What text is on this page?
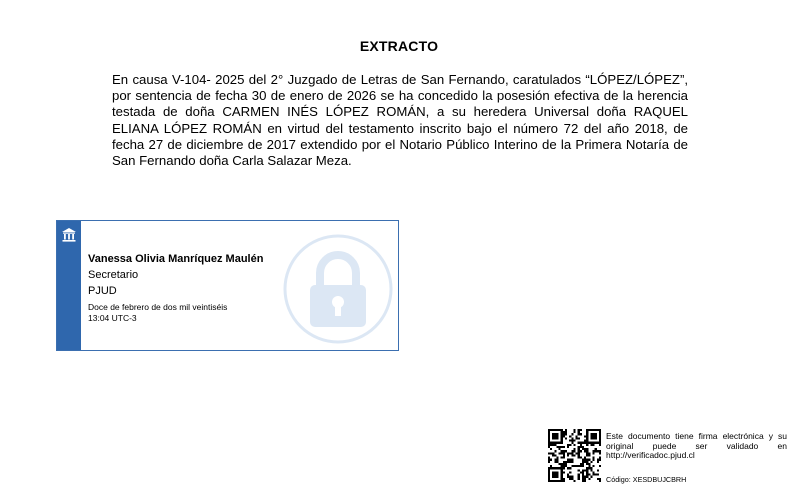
EXTRACTO
En causa V-104- 2025 del 2° Juzgado de Letras de San Fernando, caratulados “LÓPEZ/LÓPEZ”, por sentencia de fecha 30 de enero de 2026 se ha concedido la posesión efectiva de la herencia testada de doña CARMEN INÉS LÓPEZ ROMÁN, a su heredera Universal doña RAQUEL ELIANA LÓPEZ ROMÁN en virtud del testamento inscrito bajo el número 72 del año 2018, de fecha 27 de diciembre de 2017 extendido por el Notario Público Interino de la Primera Notaría de San Fernando doña Carla Salazar Meza.
Vanessa Olivia Manríquez Maulén
Secretario
PJUD
Doce de febrero de dos mil veintiséis
13:04 UTC-3
Este documento tiene firma electrónica y su original puede ser validado en http://verificadoc.pjud.cl
Código: XESDBUJCBRH
